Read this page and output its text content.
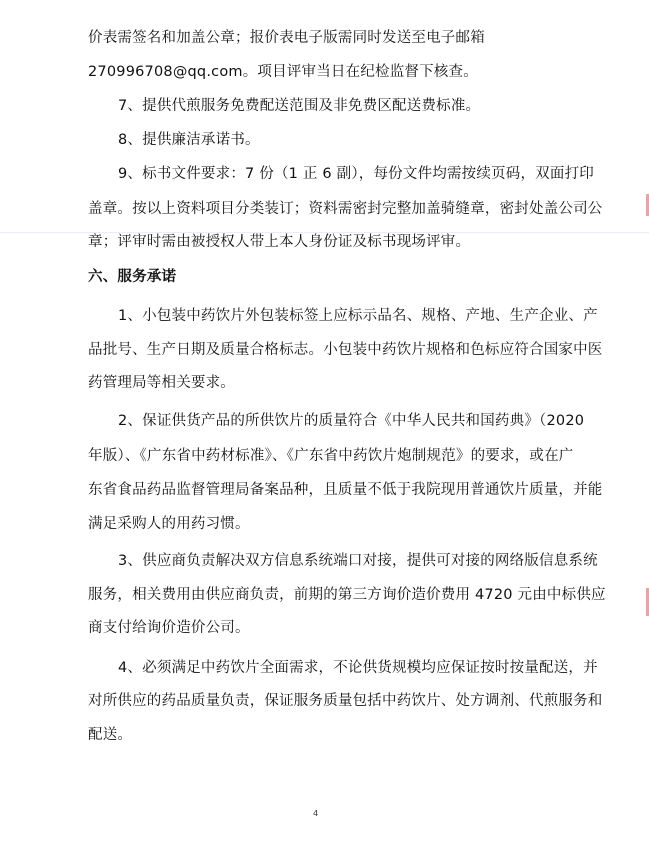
价表需签名和加盖公章；报价表电子版需同时发送至电子邮箱
270996708@qq.com。项目评审当日在纪检监督下核查。
7、提供代煎服务免费配送范围及非免费区配送费标准。
8、提供廉洁承诺书。
9、标书文件要求：7 份（1 正 6 副），每份文件均需按续页码，双面打印
盖章。按以上资料项目分类装订；资料需密封完整加盖骑缝章，密封处盖公司公
章；评审时需由被授权人带上本人身份证及标书现场评审。
六、服务承诺
1、小包装中药饮片外包装标签上应标示品名、规格、产地、生产企业、产
品批号、生产日期及质量合格标志。小包装中药饮片规格和色标应符合国家中医
药管理局等相关要求。
2、保证供货产品的所供饮片的质量符合《中华人民共和国药典》（2020
年版）、《广东省中药材标准》、《广东省中药饮片炮制规范》的要求，或在广
东省食品药品监督管理局备案品种，且质量不低于我院现用普通饮片质量，并能
满足采购人的用药习惯。
3、供应商负责解决双方信息系统端口对接，提供可对接的网络版信息系统
服务，相关费用由供应商负责，前期的第三方询价造价费用 4720 元由中标供应
商支付给询价造价公司。
4、必须满足中药饮片全面需求，不论供货规模均应保证按时按量配送，并
对所供应的药品质量负责，保证服务质量包括中药饮片、处方调剂、代煎服务和
配送。
4
